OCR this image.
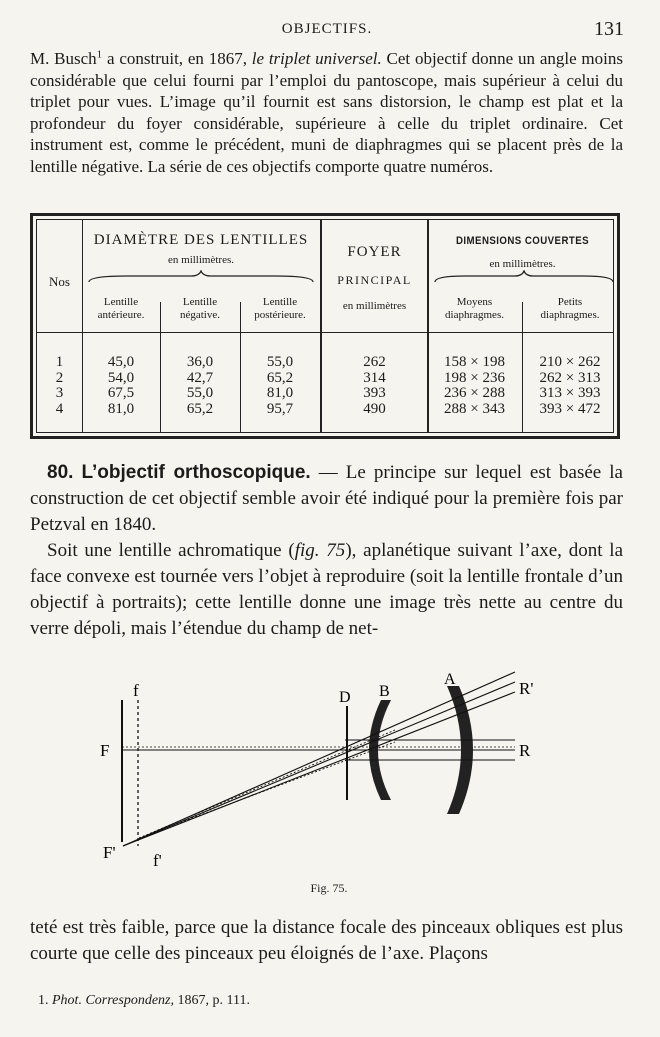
OBJECTIFS.	131

M. Busch$^1$ a construit, en 1867, le triplet universel. Cet objectif donne un angle moins considérable que celui fourni par l’emploi du pantoscope, mais supérieur à celui du triplet pour vues. L’image qu’il fournit est sans distorsion, le champ est plat et la profondeur du foyer considérable, supérieure à celle du triplet ordinaire. Cet instrument est, comme le précédent, muni de diaphragmes qui se placent près de la lentille négative. La série de ces objectifs comporte quatre numéros.

Nos
DIAMÈTRE DES LENTILLES
en millimètres.
Lentille
antérieure.
Lentille
négative.
Lentille
postérieure.
FOYER
PRINCIPAL
en millimètres
DIMENSIONS COUVERTES
en millimètres.
Moyens
diaphragmes.
Petits
diaphragmes.
1
2
3
4
45,0
54,0
67,5
81,0
36,0
42,7
55,0
65,2
55,0
65,2
81,0
95,7
262
314
393
490
158 × 198
198 × 236
236 × 288
288 × 343
210 × 262
262 × 313
313 × 393
393 × 472

80. L’objectif orthoscopique. — Le principe sur lequel est basée la construction de cet objectif semble avoir été indiqué pour la première fois par Petzval en 1840.

Soit une lentille achromatique (fig. 75), aplanétique suivant l’axe, dont la face convexe est tournée vers l’objet à reproduire (soit la lentille frontale d’un objectif à portraits); cette lentille donne une image très nette au centre du verre dépoli, mais l’étendue du champ de net-

f
F
F' f'
D B
A	R'
R
Fig. 75.

teté est très faible, parce que la distance focale des pinceaux obliques est plus courte que celle des pinceaux peu éloignés de l’axe. Plaçons

1. Phot. Correspondenz, 1867, p. 111.
